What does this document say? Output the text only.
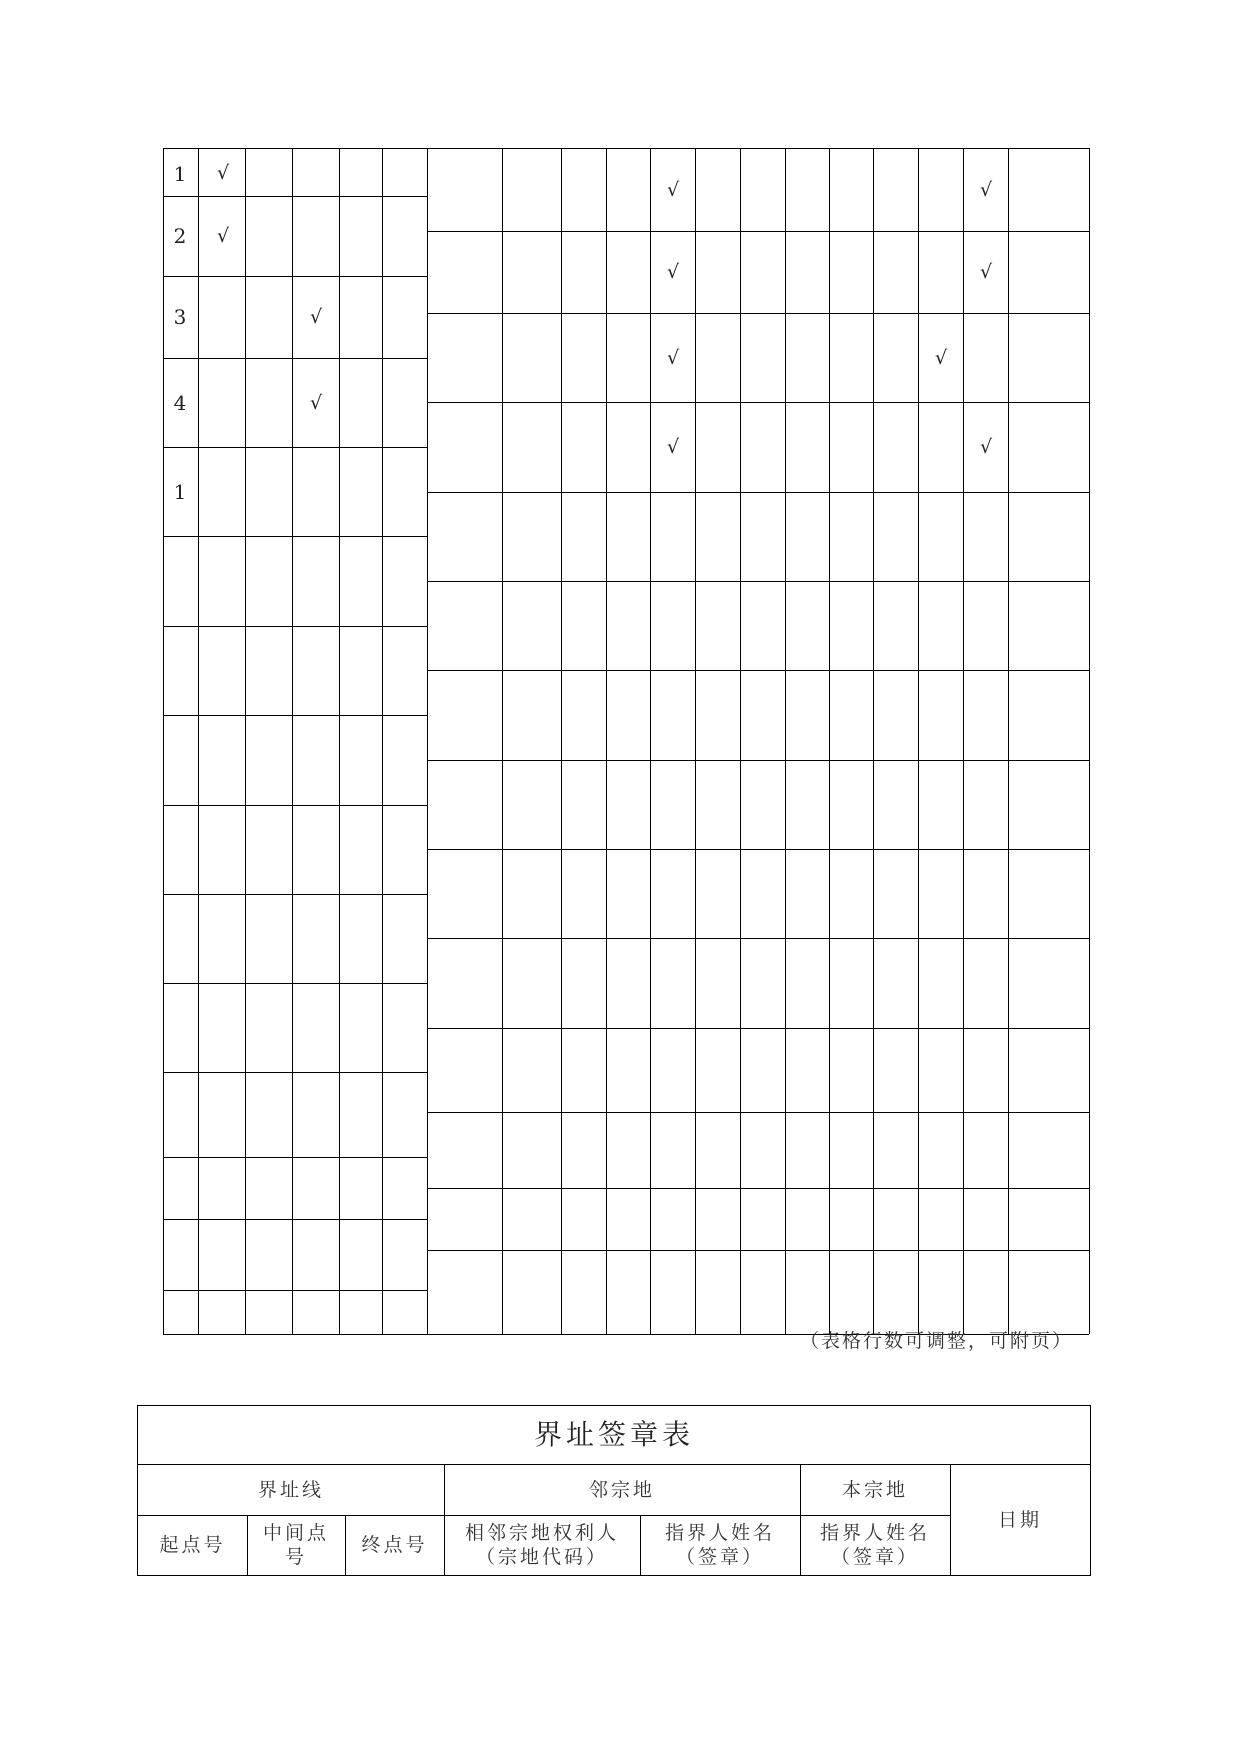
1
2
3
4
1
√
√
√
√
√
√
√
√
√
√
√
√
（表格行数可调整，可附页）
界址签章表
界址线	邻宗地	本宗地
日期
起点号
中间点号
终点号
相邻宗地权利人（宗地代码）
指界人姓名（签章）
指界人姓名（签章）
